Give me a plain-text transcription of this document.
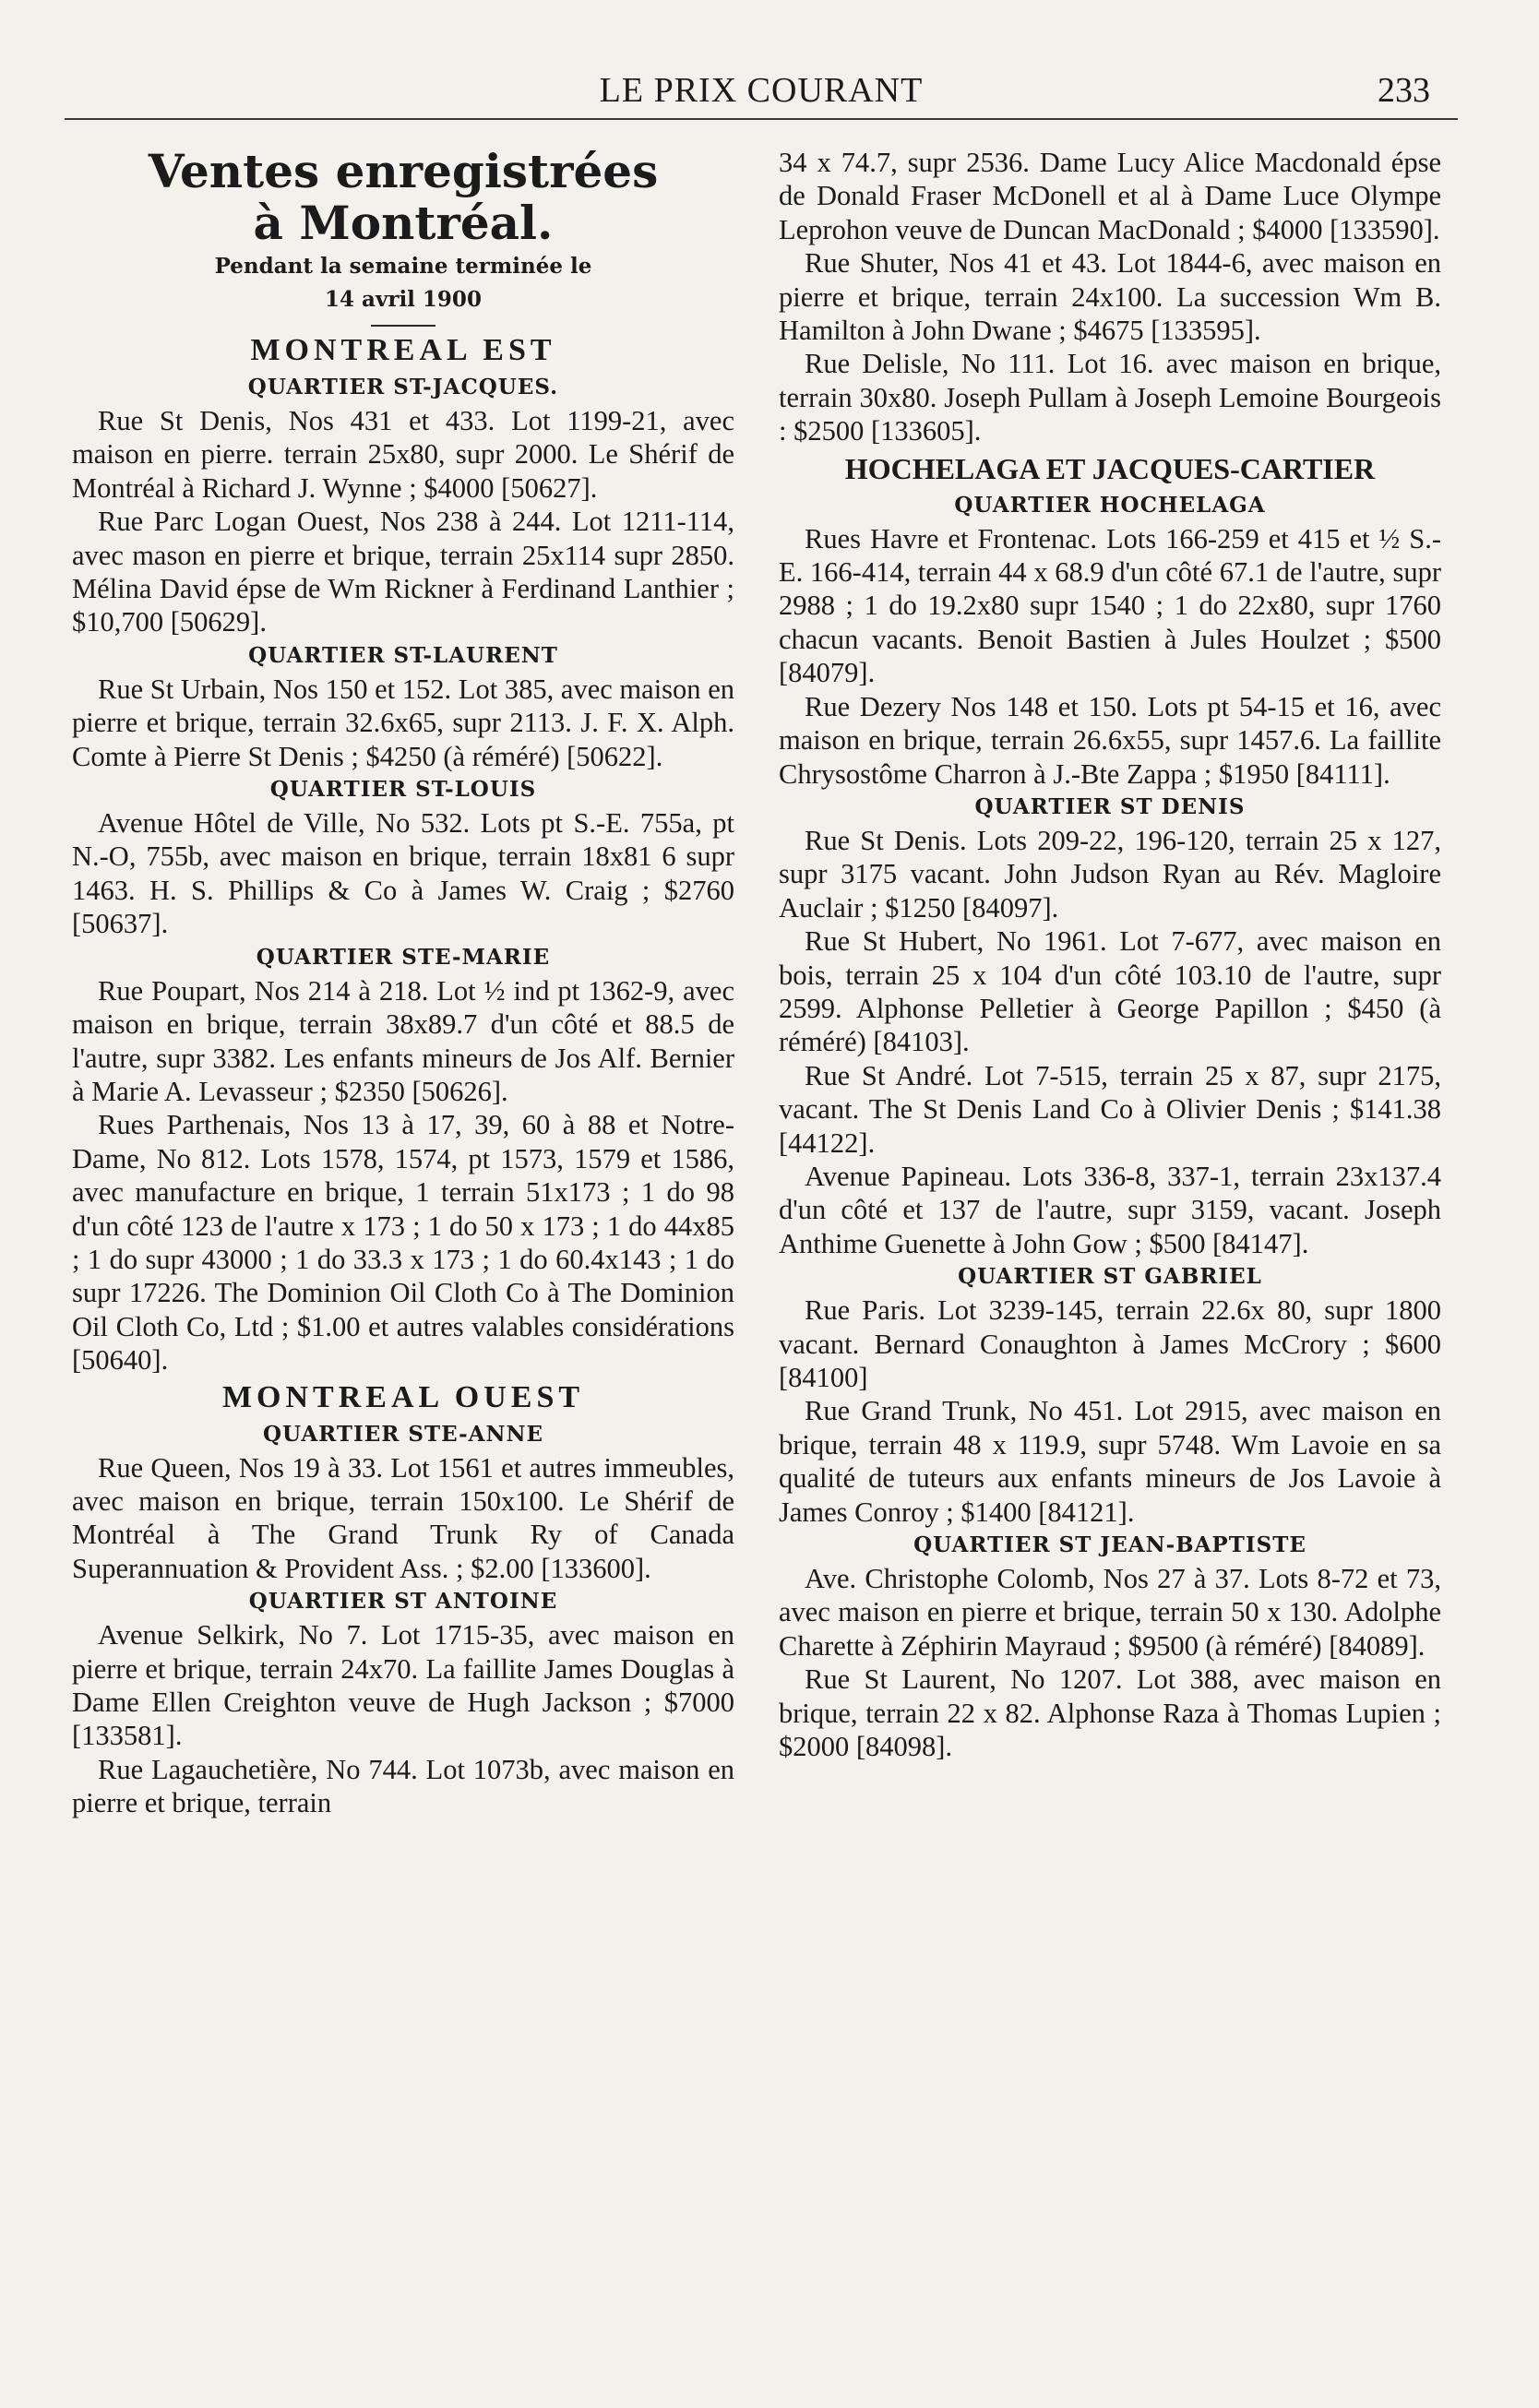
LE PRIX COURANT	233

Ventes enregistrées

à Montréal.

Pendant la semaine terminée le

14 avril 1900

MONTREAL EST

QUARTIER ST-JACQUES.

Rue St Denis, Nos 431 et 433. Lot 1199-21, avec maison en pierre. terrain 25x80, supr 2000. Le Shérif de Montréal à Richard J. Wynne ; $4000 [50627].

Rue Parc Logan Ouest, Nos 238 à 244. Lot 1211-114, avec mason en pierre et brique, terrain 25x114 supr 2850. Mélina David épse de Wm Rickner à Ferdinand Lanthier ; $10,700 [50629].

QUARTIER ST-LAURENT

Rue St Urbain, Nos 150 et 152. Lot 385, avec maison en pierre et brique, terrain 32.6x65, supr 2113. J. F. X. Alph. Comte à Pierre St Denis ; $4250 (à réméré) [50622].

QUARTIER ST-LOUIS

Avenue Hôtel de Ville, No 532. Lots pt S.-E. 755a, pt N.-O, 755b, avec maison en brique, terrain 18x81 6 supr 1463. H. S. Phillips & Co à James W. Craig ; $2760 [50637].

QUARTIER STE-MARIE

Rue Poupart, Nos 214 à 218. Lot ½ ind pt 1362-9, avec maison en brique, terrain 38x89.7 d'un côté et 88.5 de l'autre, supr 3382. Les enfants mineurs de Jos Alf. Bernier à Marie A. Levasseur ; $2350 [50626].

Rues Parthenais, Nos 13 à 17, 39, 60 à 88 et Notre-Dame, No 812. Lots 1578, 1574, pt 1573, 1579 et 1586, avec manufacture en brique, 1 terrain 51x173 ; 1 do 98 d'un côté 123 de l'autre x 173 ; 1 do 50 x 173 ; 1 do 44x85 ; 1 do supr 43000 ; 1 do 33.3 x 173 ; 1 do 60.4x143 ; 1 do supr 17226. The Dominion Oil Cloth Co à The Dominion Oil Cloth Co, Ltd ; $1.00 et autres valables considérations [50640].

MONTREAL OUEST

QUARTIER STE-ANNE

Rue Queen, Nos 19 à 33. Lot 1561 et autres immeubles, avec maison en brique, terrain 150x100. Le Shérif de Montréal à The Grand Trunk Ry of Canada Superannuation & Provident Ass. ; $2.00 [133600].

QUARTIER ST ANTOINE

Avenue Selkirk, No 7. Lot 1715-35, avec maison en pierre et brique, terrain 24x70. La faillite James Douglas à Dame Ellen Creighton veuve de Hugh Jackson ; $7000 [133581].

Rue Lagauchetière, No 744. Lot 1073b, avec maison en pierre et brique, terrain

34 x 74.7, supr 2536. Dame Lucy Alice Macdonald épse de Donald Fraser McDonell et al à Dame Luce Olympe Leprohon veuve de Duncan MacDonald ; $4000 [133590].

Rue Shuter, Nos 41 et 43. Lot 1844-6, avec maison en pierre et brique, terrain 24x100. La succession Wm B. Hamilton à John Dwane ; $4675 [133595].

Rue Delisle, No 111. Lot 16. avec maison en brique, terrain 30x80. Joseph Pullam à Joseph Lemoine Bourgeois : $2500 [133605].

HOCHELAGA ET JACQUES-CARTIER

QUARTIER HOCHELAGA

Rues Havre et Frontenac. Lots 166-259 et 415 et ½ S.-E. 166-414, terrain 44 x 68.9 d'un côté 67.1 de l'autre, supr 2988 ; 1 do 19.2x80 supr 1540 ; 1 do 22x80, supr 1760 chacun vacants. Benoit Bastien à Jules Houlzet ; $500 [84079].

Rue Dezery Nos 148 et 150. Lots pt 54-15 et 16, avec maison en brique, terrain 26.6x55, supr 1457.6. La faillite Chrysostôme Charron à J.-Bte Zappa ; $1950 [84111].

QUARTIER ST DENIS

Rue St Denis. Lots 209-22, 196-120, terrain 25 x 127, supr 3175 vacant. John Judson Ryan au Rév. Magloire Auclair ; $1250 [84097].

Rue St Hubert, No 1961. Lot 7-677, avec maison en bois, terrain 25 x 104 d'un côté 103.10 de l'autre, supr 2599. Alphonse Pelletier à George Papillon ; $450 (à réméré) [84103].

Rue St André. Lot 7-515, terrain 25 x 87, supr 2175, vacant. The St Denis Land Co à Olivier Denis ; $141.38 [44122].

Avenue Papineau. Lots 336-8, 337-1, terrain 23x137.4 d'un côté et 137 de l'autre, supr 3159, vacant. Joseph Anthime Guenette à John Gow ; $500 [84147].

QUARTIER ST GABRIEL

Rue Paris. Lot 3239-145, terrain 22.6x 80, supr 1800 vacant. Bernard Conaughton à James McCrory ; $600 [84100]

Rue Grand Trunk, No 451. Lot 2915, avec maison en brique, terrain 48 x 119.9, supr 5748. Wm Lavoie en sa qualité de tuteurs aux enfants mineurs de Jos Lavoie à James Conroy ; $1400 [84121].

QUARTIER ST JEAN-BAPTISTE

Ave. Christophe Colomb, Nos 27 à 37. Lots 8-72 et 73, avec maison en pierre et brique, terrain 50 x 130. Adolphe Charette à Zéphirin Mayraud ; $9500 (à réméré) [84089].

Rue St Laurent, No 1207. Lot 388, avec maison en brique, terrain 22 x 82. Alphonse Raza à Thomas Lupien ; $2000 [84098].
